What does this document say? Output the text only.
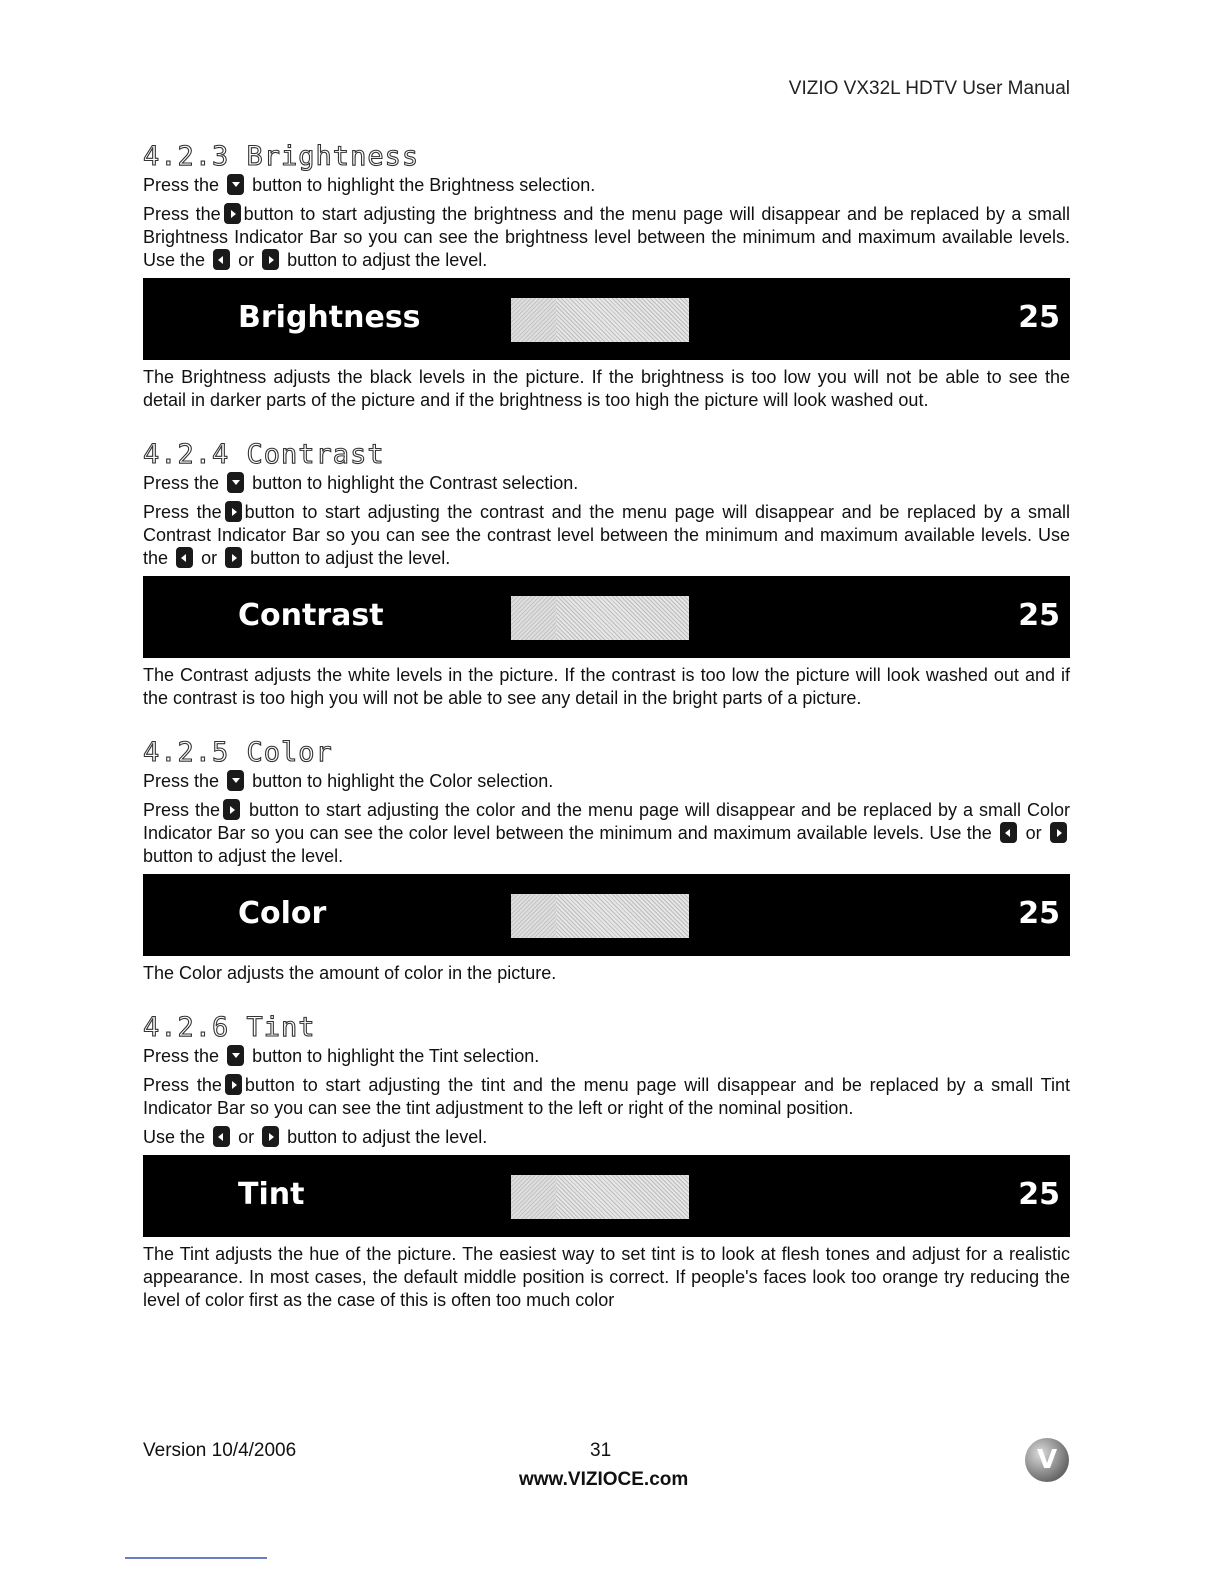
VIZIO VX32L HDTV User Manual
4.2.3 Brightness

Press the button to highlight the Brightness selection.

Press the button to start adjusting the brightness and the menu page will disappear and be replaced by a small Brightness Indicator Bar so you can see the brightness level between the minimum and maximum available levels. Use the or button to adjust the level.

Brightness	25

The Brightness adjusts the black levels in the picture. If the brightness is too low you will not be able to see the detail in darker parts of the picture and if the brightness is too high the picture will look washed out.

4.2.4 Contrast

Press the button to highlight the Contrast selection.

Press the button to start adjusting the contrast and the menu page will disappear and be replaced by a small Contrast Indicator Bar so you can see the contrast level between the minimum and maximum available levels. Use the or button to adjust the level.

Contrast	25

The Contrast adjusts the white levels in the picture. If the contrast is too low the picture will look washed out and if the contrast is too high you will not be able to see any detail in the bright parts of a picture.

4.2.5 Color

Press the button to highlight the Color selection.

Press the button to start adjusting the color and the menu page will disappear and be replaced by a small Color Indicator Bar so you can see the color level between the minimum and maximum available levels. Use the or  button to adjust the level.

Color	25

The Color adjusts the amount of color in the picture.

4.2.6 Tint

Press the button to highlight the Tint selection.

Press the button to start adjusting the tint and the menu page will disappear and be replaced by a small Tint Indicator Bar so you can see the tint adjustment to the left or right of the nominal position.

Use the or button to adjust the level.

Tint	25

The Tint adjusts the hue of the picture. The easiest way to set tint is to look at flesh tones and adjust for a realistic appearance. In most cases, the default middle position is correct. If people's faces look too orange try reducing the level of color first as the case of this is often too much color

Version 10/4/2006	31
www.VIZIOCE.com
V
